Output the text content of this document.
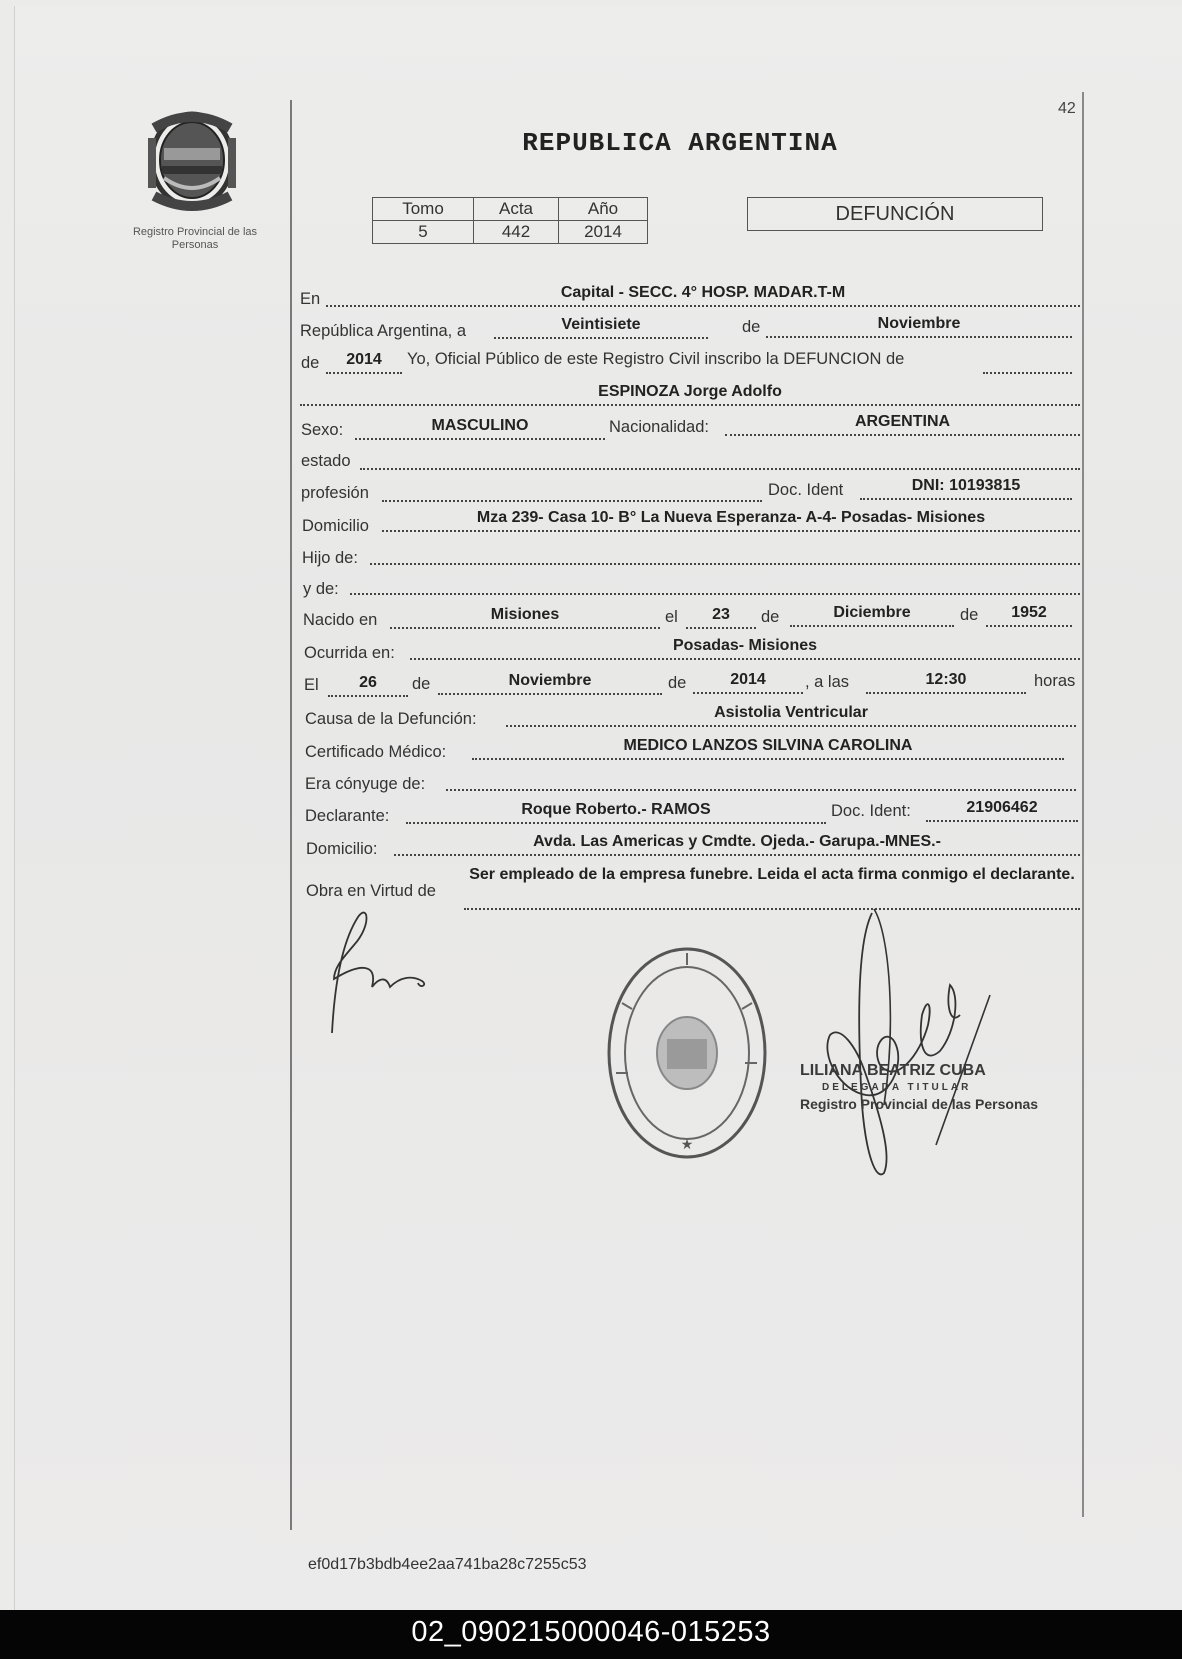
42
Registro Provincial de las Personas
REPUBLICA ARGENTINA
Tomo	Acta	Año
5	442	2014
DEFUNCIÓN
En	Capital - SECC. 4° HOSP. MADAR.T-M
República Argentina, a	Veintisiete	de	Noviembre
de	2014	Yo, Oficial Público de este Registro Civil inscribo la DEFUNCION de
ESPINOZA Jorge Adolfo
Sexo:	MASCULINO	Nacionalidad:	ARGENTINA
estado
profesión	Doc. Ident	DNI: 10193815
Domicilio	Mza 239- Casa 10- B° La Nueva Esperanza- A-4- Posadas- Misiones
Hijo de:
y de:
Nacido en	Misiones	el	23	de	Diciembre	de	1952
Ocurrida en:	Posadas- Misiones
El	26	de	Noviembre	de	2014	, a las	12:30	horas
Causa de la Defunción:	Asistolia Ventricular
Certificado Médico:	MEDICO LANZOS SILVINA CAROLINA
Era cónyuge de:
Declarante:	Roque Roberto.- RAMOS	Doc. Ident:	21906462
Domicilio:	Avda. Las Americas y Cmdte. Ojeda.- Garupa.-MNES.-
Obra en Virtud de
Ser empleado de la empresa funebre. Leida el acta firma conmigo el declarante.
★
LILIANA BEATRIZ CUBA
DELEGADA TITULAR
Registro Provincial de las Personas
ef0d17b3bdb4ee2aa741ba28c7255c53
02_090215000046-015253
